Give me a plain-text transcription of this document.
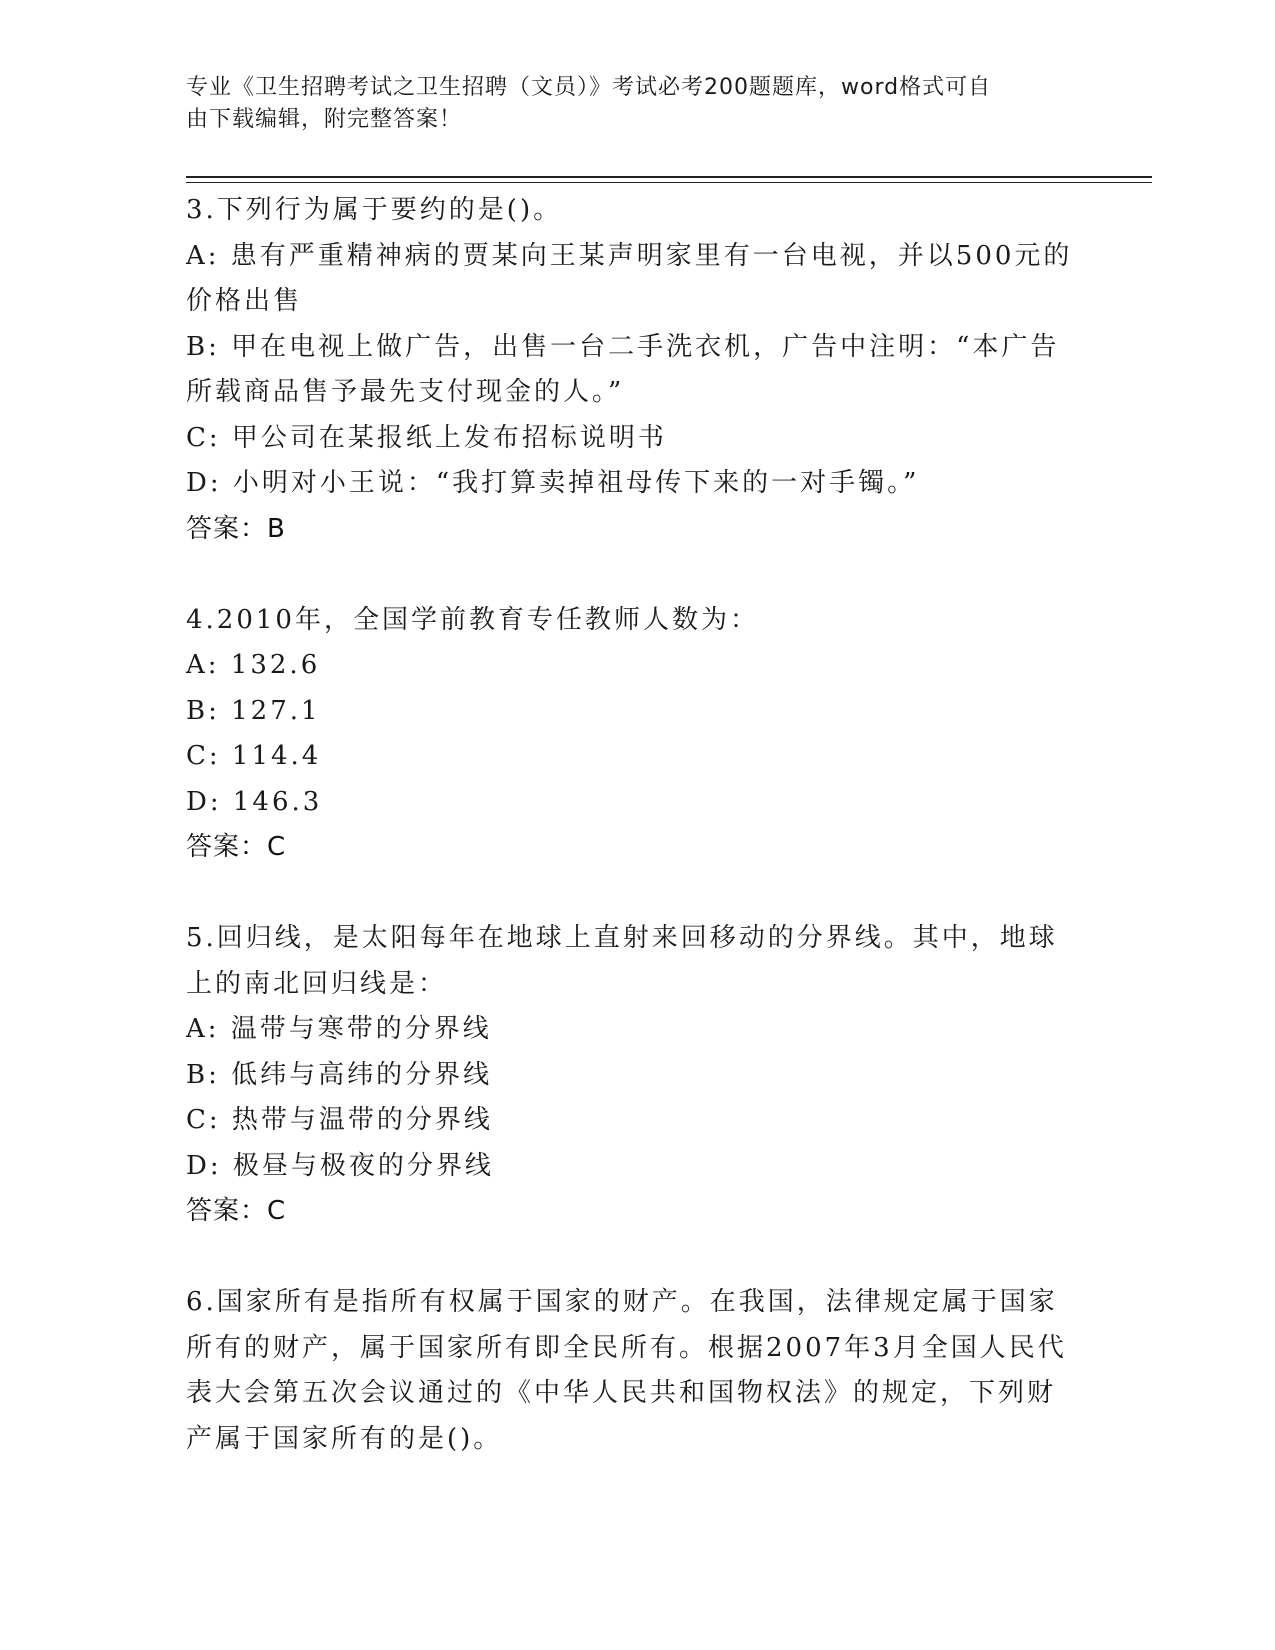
专业《卫生招聘考试之卫生招聘（文员）》考试必考200题题库，word格式可自
由下载编辑，附完整答案！
3.下列行为属于要约的是()。
A: 患有严重精神病的贾某向王某声明家里有一台电视，并以500元的
价格出售
B: 甲在电视上做广告，出售一台二手洗衣机，广告中注明：“本广告
所载商品售予最先支付现金的人。”
C: 甲公司在某报纸上发布招标说明书
D: 小明对小王说：“我打算卖掉祖母传下来的一对手镯。”
答案：B
4.2010年，全国学前教育专任教师人数为：
A: 132.6
B: 127.1
C: 114.4
D: 146.3
答案：C
5.回归线，是太阳每年在地球上直射来回移动的分界线。其中，地球
上的南北回归线是：
A: 温带与寒带的分界线
B: 低纬与高纬的分界线
C: 热带与温带的分界线
D: 极昼与极夜的分界线
答案：C
6.国家所有是指所有权属于国家的财产。在我国，法律规定属于国家
所有的财产，属于国家所有即全民所有。根据2007年3月全国人民代
表大会第五次会议通过的《中华人民共和国物权法》的规定，下列财
产属于国家所有的是()。
